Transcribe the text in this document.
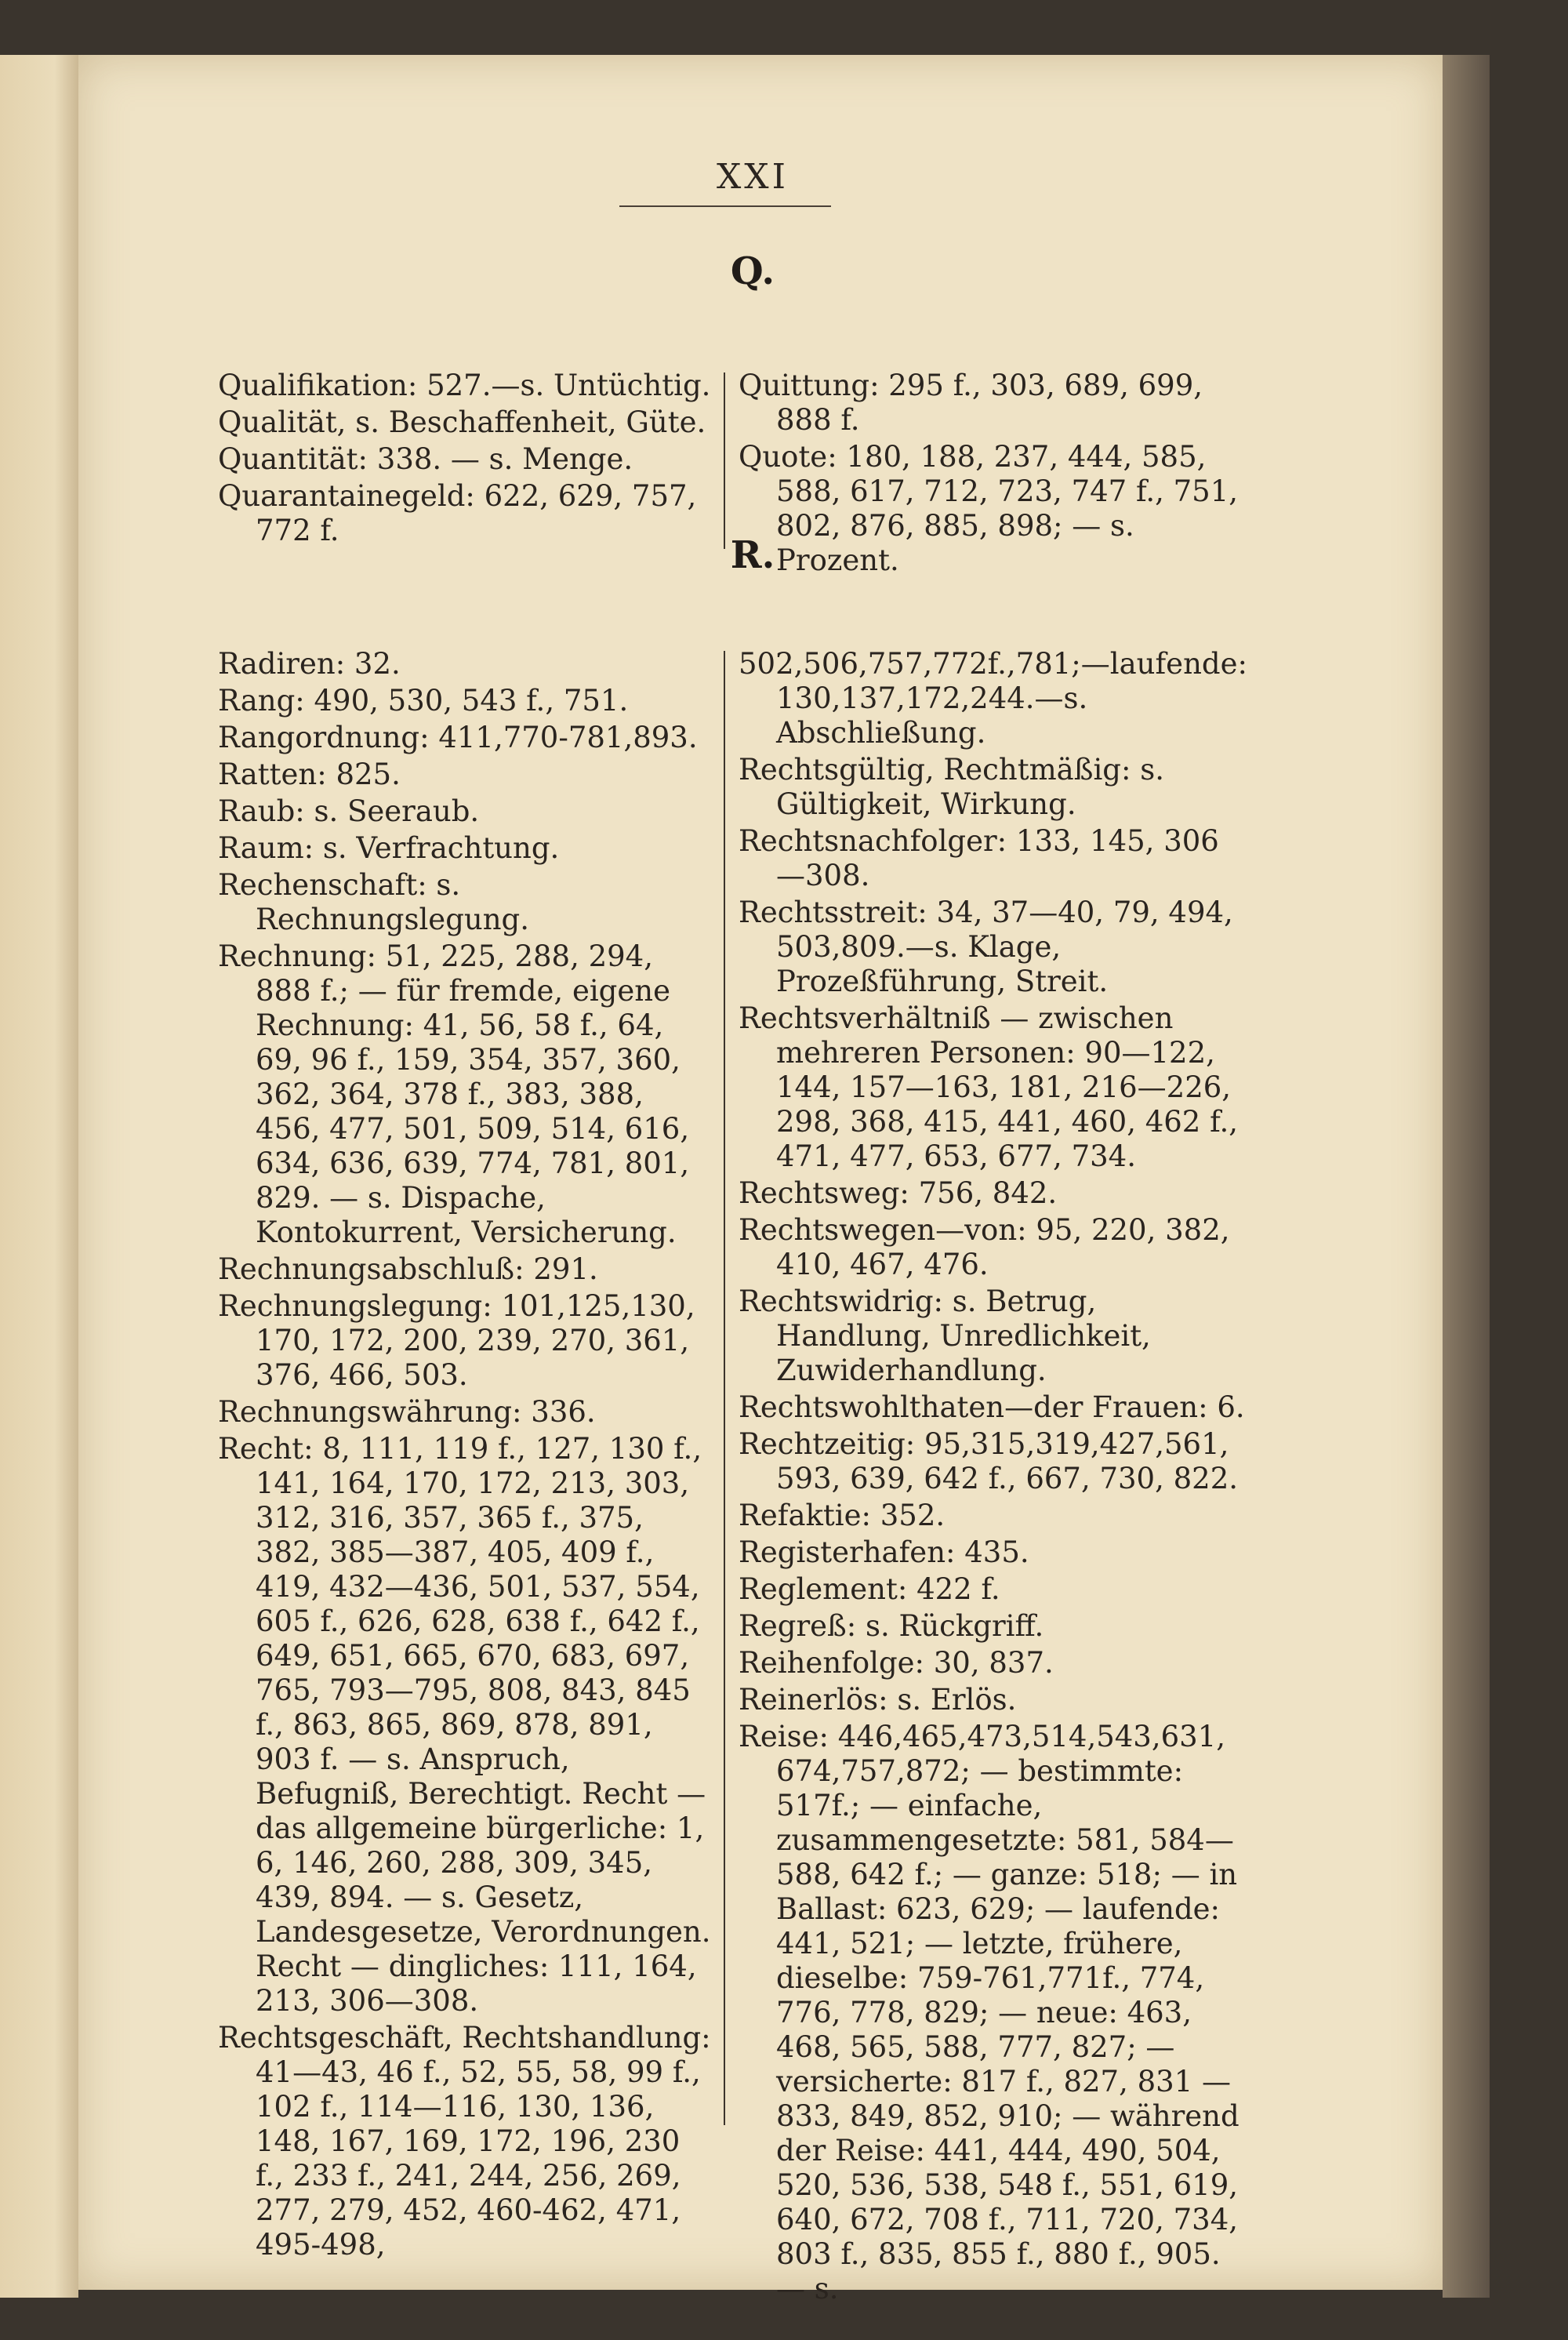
XXI
Q.

Qualifikation: 527.—s. Untüchtig.

Qualität, s. Beschaffenheit, Güte.

Quantität: 338. — s. Menge.

Quarantainegeld: 622, 629, 757, 772 f.

Quittung: 295 f., 303, 689, 699, 888 f.

Quote: 180, 188, 237, 444, 585, 588, 617, 712, 723, 747 f., 751, 802, 876, 885, 898; — s. Prozent.

R.

Radiren: 32.

Rang: 490, 530, 543 f., 751.

Rangordnung: 411,770-781,893.

Ratten: 825.

Raub: s. Seeraub.

Raum: s. Verfrachtung.

Rechenschaft: s. Rechnungslegung.

Rechnung: 51, 225, 288, 294, 888 f.; — für fremde, eigene Rechnung: 41, 56, 58 f., 64, 69, 96 f., 159, 354, 357, 360, 362, 364, 378 f., 383, 388, 456, 477, 501, 509, 514, 616, 634, 636, 639, 774, 781, 801, 829. — s. Dispache, Kontokurrent, Versicherung.

Rechnungsabschluß: 291.

Rechnungslegung: 101,125,130, 170, 172, 200, 239, 270, 361, 376, 466, 503.

Rechnungswährung: 336.

Recht: 8, 111, 119 f., 127, 130 f., 141, 164, 170, 172, 213, 303, 312, 316, 357, 365 f., 375, 382, 385—387, 405, 409 f., 419, 432—436, 501, 537, 554, 605 f., 626, 628, 638 f., 642 f., 649, 651, 665, 670, 683, 697, 765, 793—795, 808, 843, 845 f., 863, 865, 869, 878, 891, 903 f. — s. Anspruch, Befugniß, Berechtigt. Recht — das allgemeine bürgerliche: 1, 6, 146, 260, 288, 309, 345, 439, 894. — s. Gesetz, Landesgesetze, Verordnungen. Recht — dingliches: 111, 164, 213, 306—308.

Rechtsgeschäft, Rechtshandlung: 41—43, 46 f., 52, 55, 58, 99 f., 102 f., 114—116, 130, 136, 148, 167, 169, 172, 196, 230 f., 233 f., 241, 244, 256, 269, 277, 279, 452, 460-462, 471, 495-498,

502,506,757,772f.,781;—laufende: 130,137,172,244.—s. Abschließung.

Rechtsgültig, Rechtmäßig: s. Gültigkeit, Wirkung.

Rechtsnachfolger: 133, 145, 306 —308.

Rechtsstreit: 34, 37—40, 79, 494, 503,809.—s. Klage, Prozeßführung, Streit.

Rechtsverhältniß — zwischen mehreren Personen: 90—122, 144, 157—163, 181, 216—226, 298, 368, 415, 441, 460, 462 f., 471, 477, 653, 677, 734.

Rechtsweg: 756, 842.

Rechtswegen—von: 95, 220, 382, 410, 467, 476.

Rechtswidrig: s. Betrug, Handlung, Unredlichkeit, Zuwiderhandlung.

Rechtswohlthaten—der Frauen: 6.

Rechtzeitig: 95,315,319,427,561, 593, 639, 642 f., 667, 730, 822.

Refaktie: 352.

Registerhafen: 435.

Reglement: 422 f.

Regreß: s. Rückgriff.

Reihenfolge: 30, 837.

Reinerlös: s. Erlös.

Reise: 446,465,473,514,543,631, 674,757,872; — bestimmte: 517f.; — einfache, zusammengesetzte: 581, 584—588, 642 f.; — ganze: 518; — in Ballast: 623, 629; — laufende: 441, 521; — letzte, frühere, dieselbe: 759-761,771f., 774, 776, 778, 829; — neue: 463, 468, 565, 588, 777, 827; — versicherte: 817 f., 827, 831 —833, 849, 852, 910; — während der Reise: 441, 444, 490, 504, 520, 536, 538, 548 f., 551, 619, 640, 672, 708 f., 711, 720, 734, 803 f., 835, 855 f., 880 f., 905. — s.
